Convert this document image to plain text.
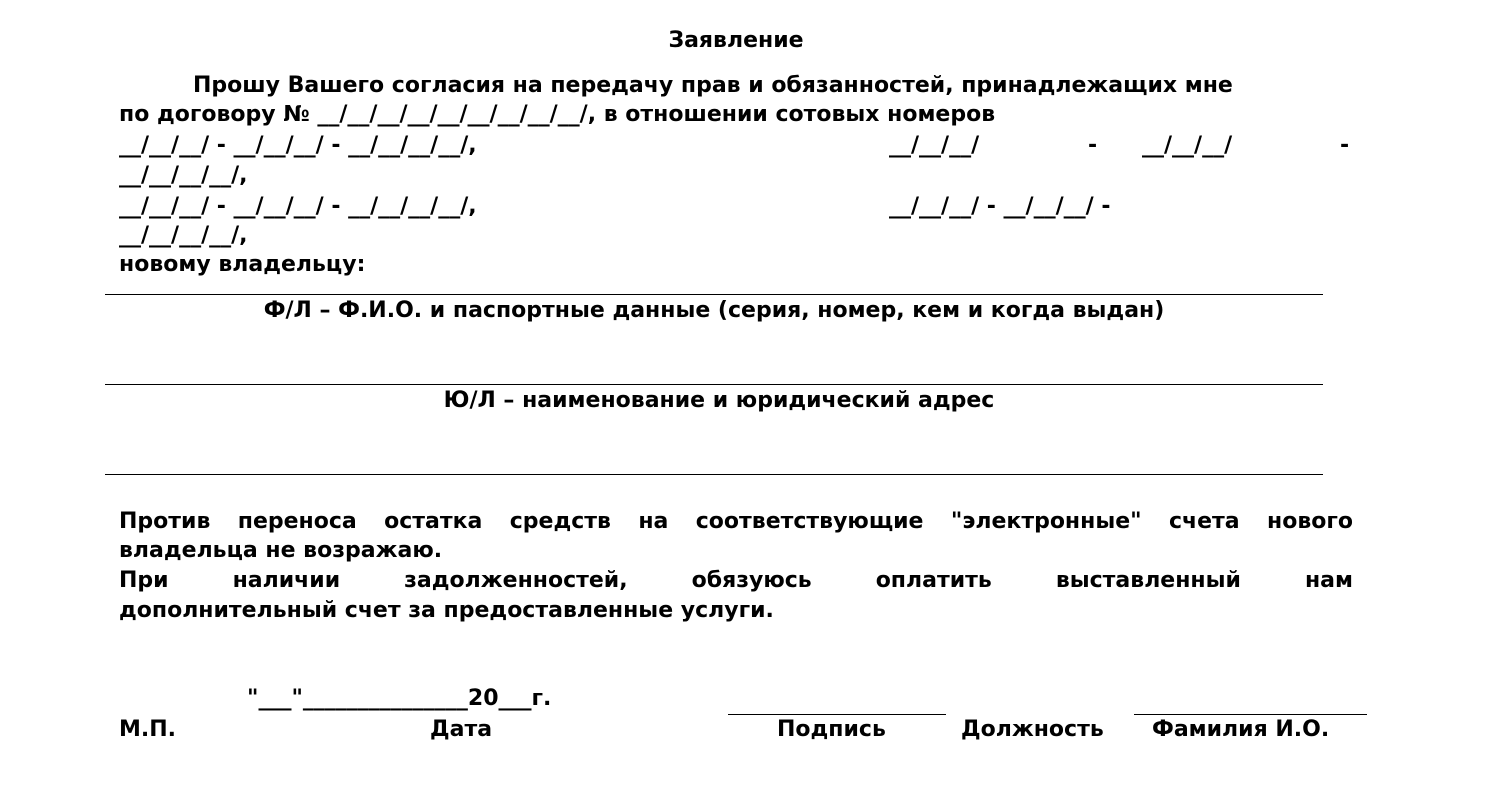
Заявление
Прошу Вашего согласия на передачу прав и обязанностей, принадлежащих мне
по договору № __/__/__/__/__/__/__/__/__/, в отношении сотовых номеров
__/__/__/ - __/__/__/ - __/__/__/__/,	__/__/__/	- __/__/__/	-
__/__/__/__/,
__/__/__/ - __/__/__/ - __/__/__/__/,	__/__/__/ - __/__/__/ -
__/__/__/__/,
новому владельцу:
Ф/Л – Ф.И.О. и паспортные данные (серия, номер, кем и когда выдан)
Ю/Л – наименование и юридический адрес
Против переноса остатка средств на соответствующие "электронные" счета нового
владельца не возражаю.
При наличии задолженностей, обязуюсь оплатить выставленный нам
дополнительный счет за предоставленные услуги.
"___"_______________20___г.
М.П.	Дата	Подпись	Должность Фамилия И.О.
